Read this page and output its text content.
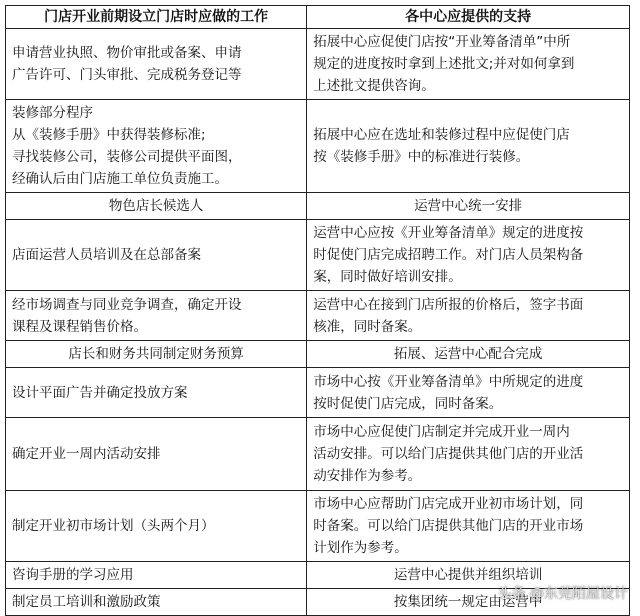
门店开业前期设立门店时应做的工作	各中心应提供的支持

申请营业执照、物价审批或备案、申请
广告许可、门头审批、完成税务登记等	拓展中心应促使门店按“开业筹备清单”中所
规定的进度按时拿到上述批文;并对如何拿到
上述批文提供咨询。

装修部分程序
从《装修手册》中获得装修标准;
寻找装修公司，装修公司提供平面图，
经确认后由门店施工单位负责施工。	拓展中心应在选址和装修过程中应促使门店
按《装修手册》中的标准进行装修。

物色店长候选人	运营中心统一安排

店面运营人员培训及在总部备案	运营中心应按《开业筹备清单》规定的进度按
时促使门店完成招聘工作。对门店人员架构备
案，同时做好培训安排。

经市场调查与同业竞争调查，确定开设
课程及课程销售价格。	运营中心在接到门店所报的价格后，签字书面
核准，同时备案。

店长和财务共同制定财务预算	拓展、运营中心配合完成

设计平面广告并确定投放方案	市场中心按《开业筹备清单》中所规定的进度
按时促使门店完成，同时备案。

确定开业一周内活动安排	市场中心应促使门店制定并完成开业一周内
活动安排。可以给门店提供其他门店的开业活
动安排作为参考。

制定开业初市场计划（头两个月）	市场中心应帮助门店完成开业初市场计划，同
时备案。可以给门店提供其他门店的开业市场
计划作为参考。

咨询手册的学习应用	运营中心提供并组织培训

制定员工培训和激励政策	按集团统一规定由运营中
头条 @东莞陌屋设计
